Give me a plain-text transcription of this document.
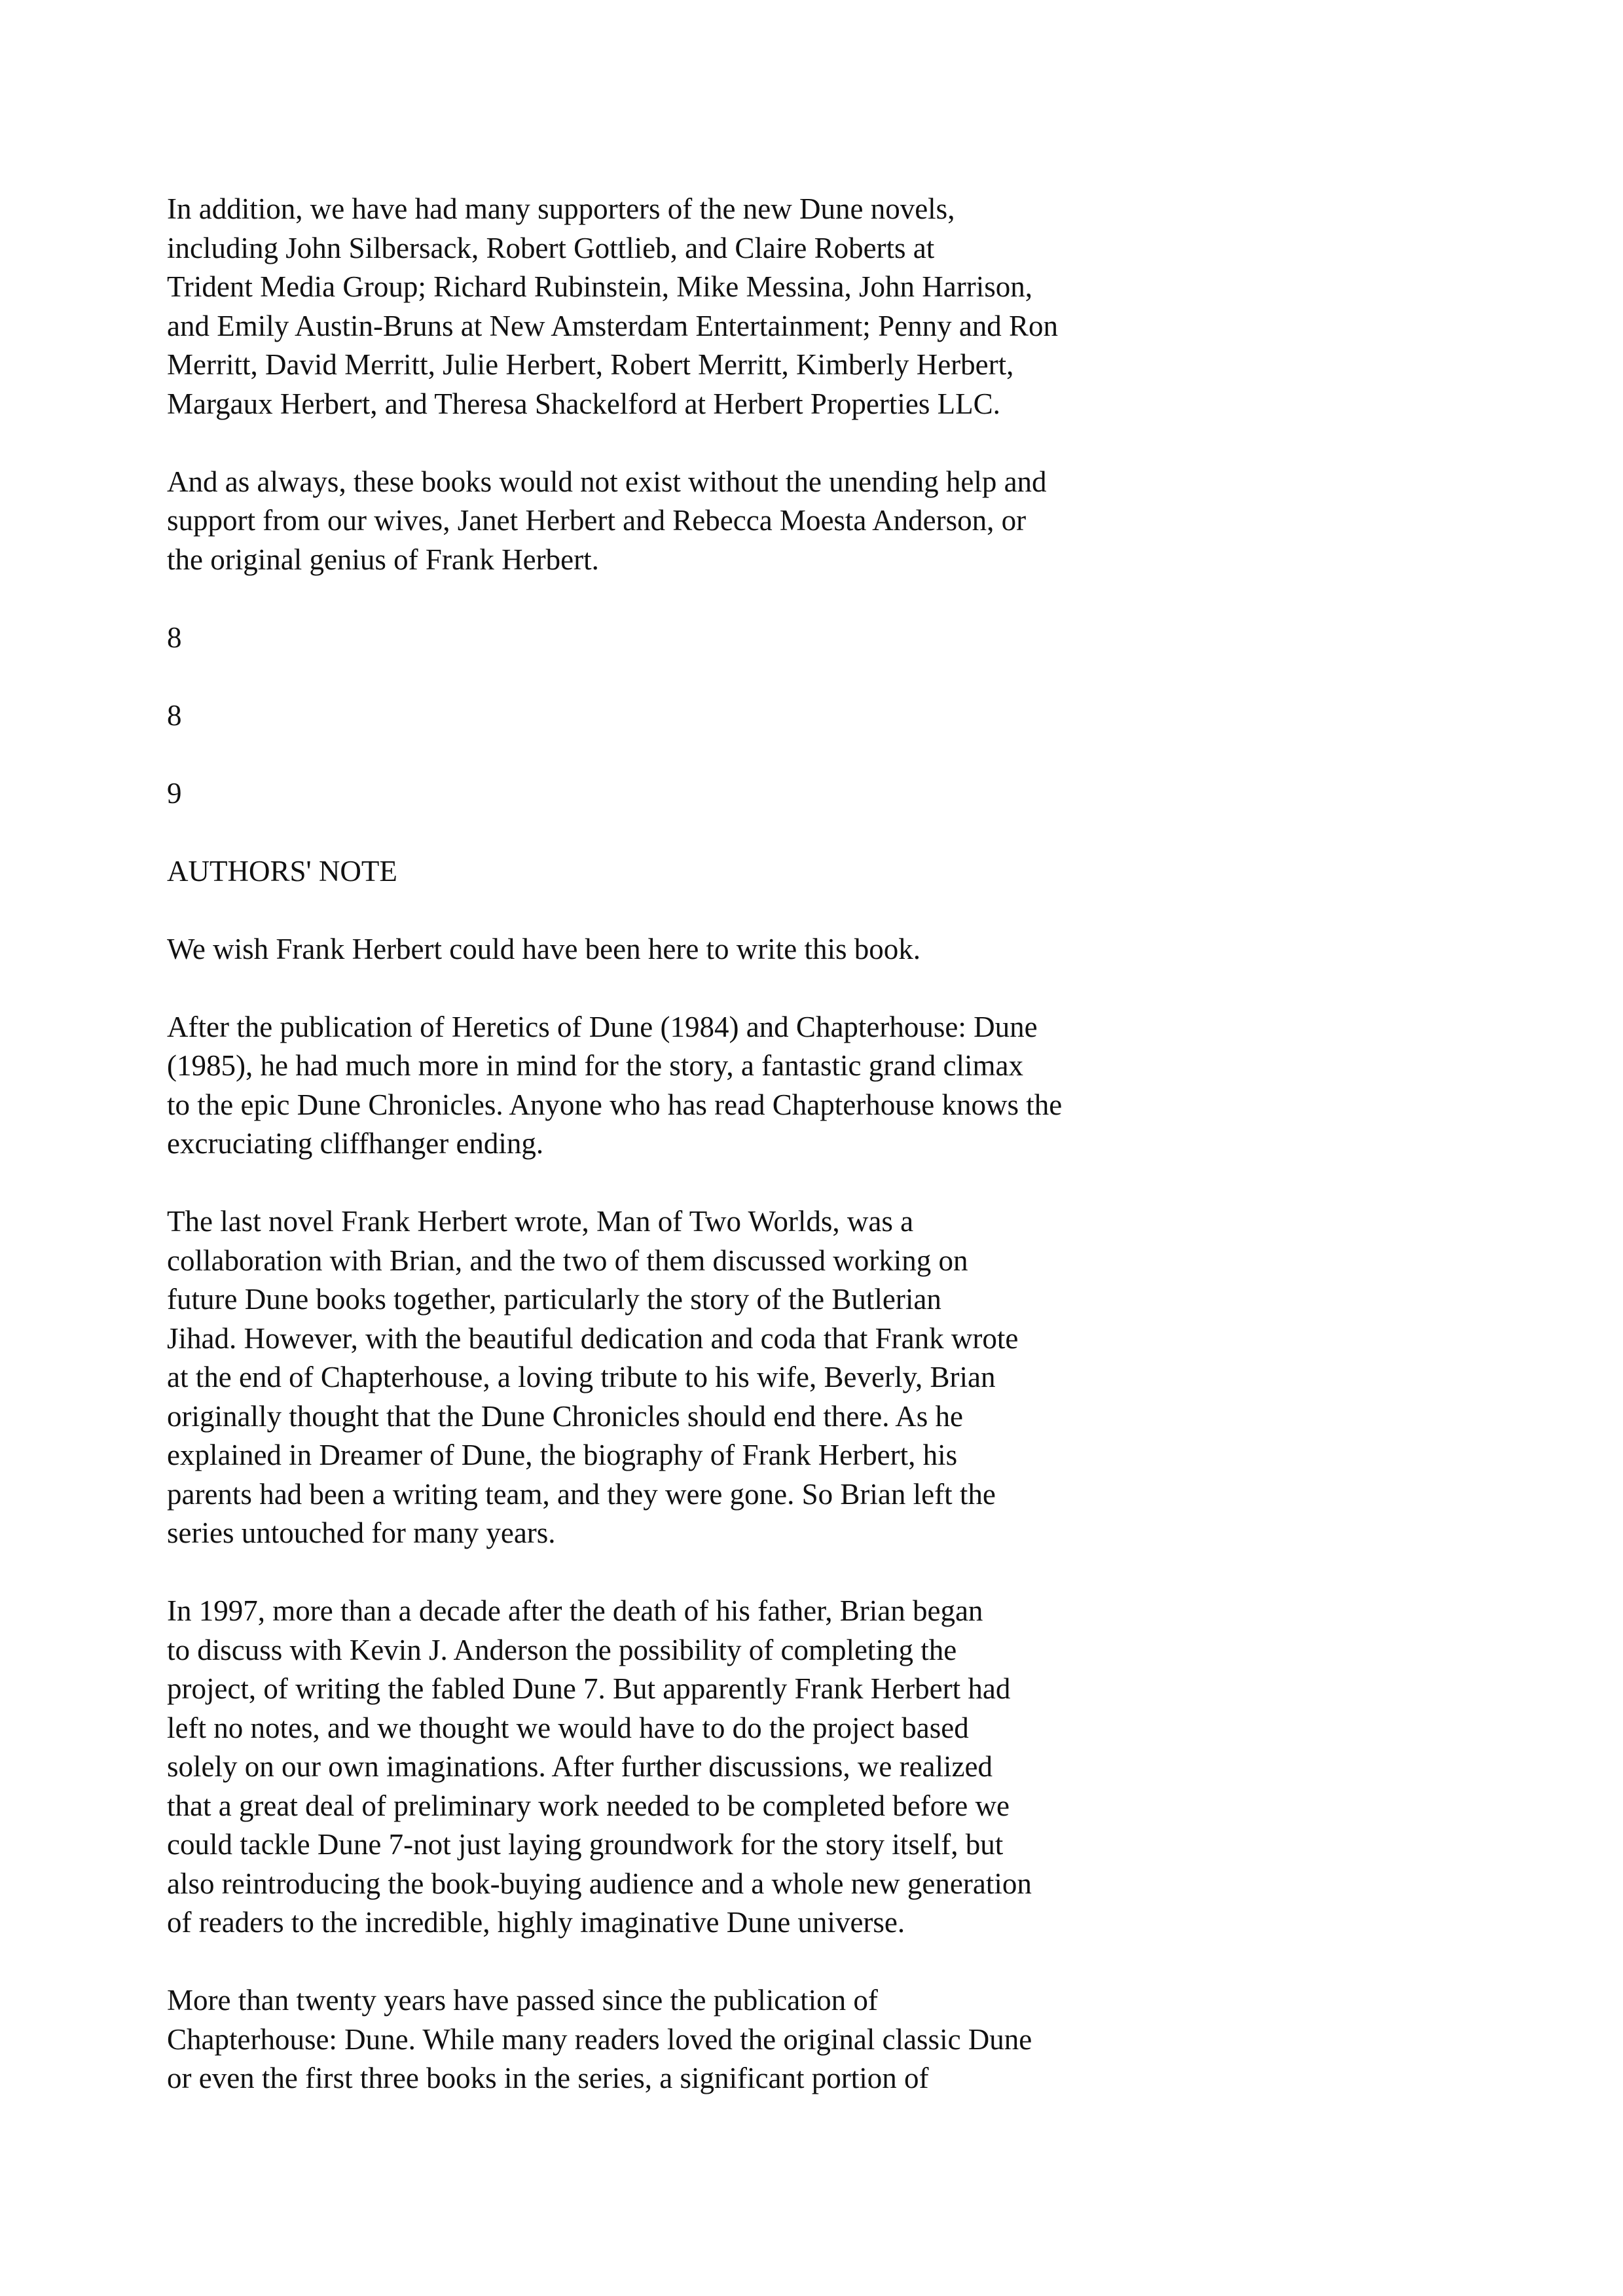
In addition, we have had many supporters of the new Dune novels,
including John Silbersack, Robert Gottlieb, and Claire Roberts at
Trident Media Group; Richard Rubinstein, Mike Messina, John Harrison,
and Emily Austin-Bruns at New Amsterdam Entertainment; Penny and Ron
Merritt, David Merritt, Julie Herbert, Robert Merritt, Kimberly Herbert,
Margaux Herbert, and Theresa Shackelford at Herbert Properties LLC.
And as always, these books would not exist without the unending help and
support from our wives, Janet Herbert and Rebecca Moesta Anderson, or
the original genius of Frank Herbert.
8
8
9
AUTHORS' NOTE
We wish Frank Herbert could have been here to write this book.
After the publication of Heretics of Dune (1984) and Chapterhouse: Dune
(1985), he had much more in mind for the story, a fantastic grand climax
to the epic Dune Chronicles. Anyone who has read Chapterhouse knows the
excruciating cliffhanger ending.
The last novel Frank Herbert wrote, Man of Two Worlds, was a
collaboration with Brian, and the two of them discussed working on
future Dune books together, particularly the story of the Butlerian
Jihad. However, with the beautiful dedication and coda that Frank wrote
at the end of Chapterhouse, a loving tribute to his wife, Beverly, Brian
originally thought that the Dune Chronicles should end there. As he
explained in Dreamer of Dune, the biography of Frank Herbert, his
parents had been a writing team, and they were gone. So Brian left the
series untouched for many years.
In 1997, more than a decade after the death of his father, Brian began
to discuss with Kevin J. Anderson the possibility of completing the
project, of writing the fabled Dune 7. But apparently Frank Herbert had
left no notes, and we thought we would have to do the project based
solely on our own imaginations. After further discussions, we realized
that a great deal of preliminary work needed to be completed before we
could tackle Dune 7-not just laying groundwork for the story itself, but
also reintroducing the book-buying audience and a whole new generation
of readers to the incredible, highly imaginative Dune universe.
More than twenty years have passed since the publication of
Chapterhouse: Dune. While many readers loved the original classic Dune
or even the first three books in the series, a significant portion of
